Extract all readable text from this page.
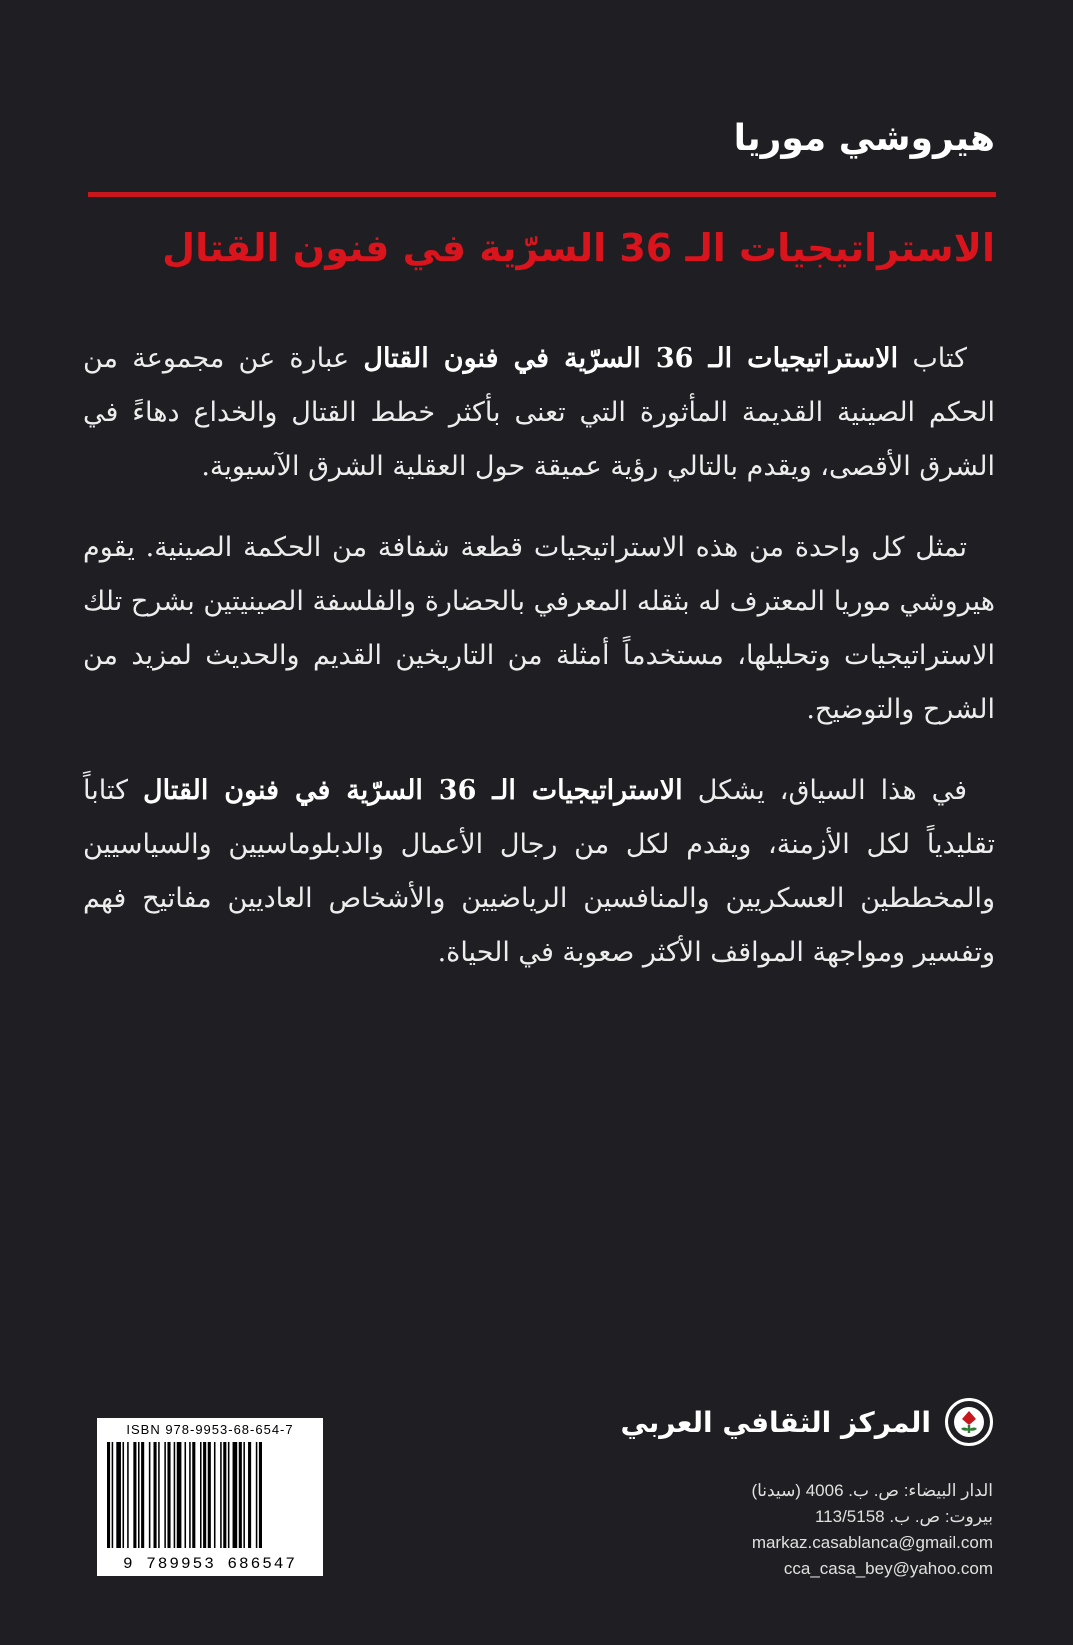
هيروشي موريا
الاستراتيجيات الـ 36 السرّية في فنون القتال

كتاب الاستراتيجيات الـ 36 السرّية في فنون القتال عبارة عن مجموعة من الحكم الصينية القديمة المأثورة التي تعنى بأكثر خطط القتال والخداع دهاءً في الشرق الأقصى، ويقدم بالتالي رؤية عميقة حول العقلية الشرق الآسيوية.

تمثل كل واحدة من هذه الاستراتيجيات قطعة شفافة من الحكمة الصينية. يقوم هيروشي موريا المعترف له بثقله المعرفي بالحضارة والفلسفة الصينيتين بشرح تلك الاستراتيجيات وتحليلها، مستخدماً أمثلة من التاريخين القديم والحديث لمزيد من الشرح والتوضيح.

في هذا السياق، يشكل الاستراتيجيات الـ 36 السرّية في فنون القتال كتاباً تقليدياً لكل الأزمنة، ويقدم لكل من رجال الأعمال والدبلوماسيين والسياسيين والمخططين العسكريين والمنافسين الرياضيين والأشخاص العاديين مفاتيح فهم وتفسير ومواجهة المواقف الأكثر صعوبة في الحياة.

المركز الثقافي العربي
الدار البيضاء: ص. ب. 4006 (سيدنا)
بيروت: ص. ب. 113/5158
markaz.casablanca@gmail.com
cca_casa_bey@yahoo.com
ISBN 978-9953-68-654-7
9 789953 686547
